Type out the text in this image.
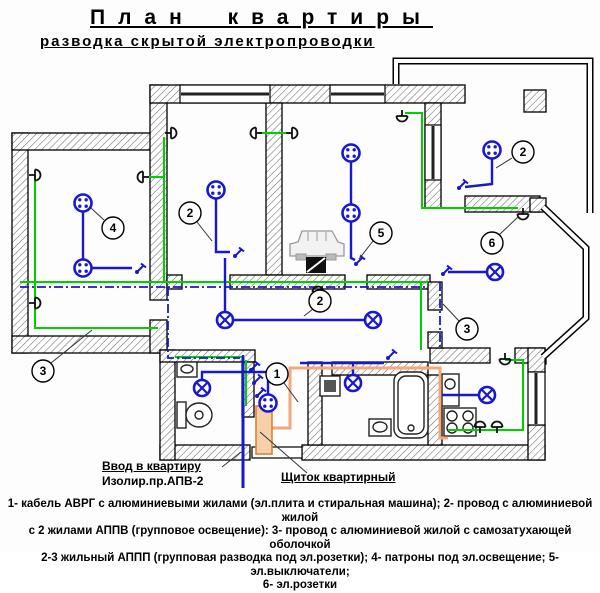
План квартиры
разводка скрытой электропроводки
1
2
2
2
3
3
4	5
6
Ввод в квартиру
Изолир.пр.АПВ-2	Щиток квартирный
1- кабель АВРГ с алюминиевыми жилами (эл.плита и стиральная машина); 2- провод с алюминиевой жилой
с 2 жилами АППВ (групповое освещение): 3- провод с алюминиевой жилой с самозатухающей оболочкой
2-3 жильный АППП (групповая разводка под эл.розетки); 4- патроны под эл.освещение; 5- эл.выключатели;
6- эл.розетки
